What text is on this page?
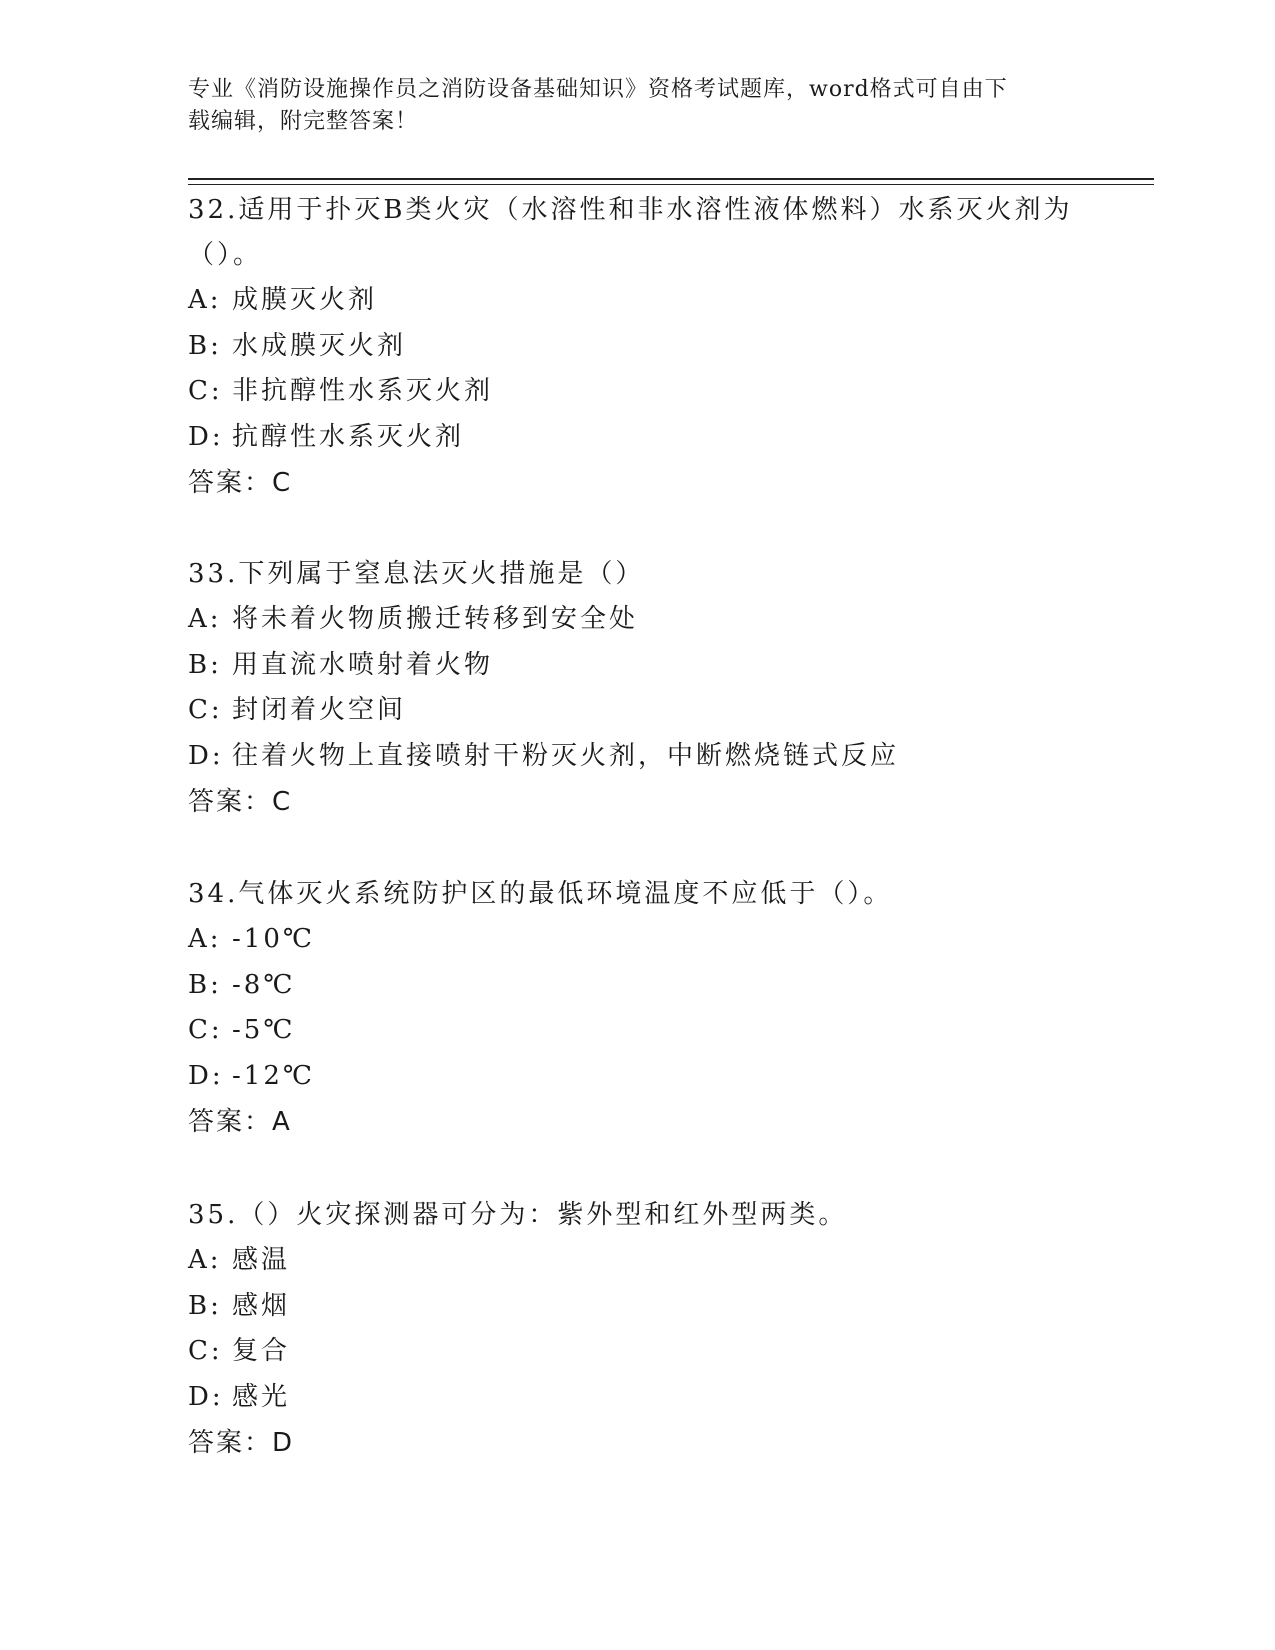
专业《消防设施操作员之消防设备基础知识》资格考试题库，word格式可自由下
载编辑，附完整答案！

32.适用于扑灭B类火灾（水溶性和非水溶性液体燃料）水系灭火剂为

（）。

A: 成膜灭火剂

B: 水成膜灭火剂

C: 非抗醇性水系灭火剂

D: 抗醇性水系灭火剂

答案：C

33.下列属于窒息法灭火措施是（）

A: 将未着火物质搬迁转移到安全处

B: 用直流水喷射着火物

C: 封闭着火空间

D: 往着火物上直接喷射干粉灭火剂，中断燃烧链式反应

答案：C

34.气体灭火系统防护区的最低环境温度不应低于（）。

A: -10℃

B: -8℃

C: -5℃

D: -12℃

答案：A

35.（）火灾探测器可分为：紫外型和红外型两类。

A: 感温

B: 感烟

C: 复合

D: 感光

答案：D
